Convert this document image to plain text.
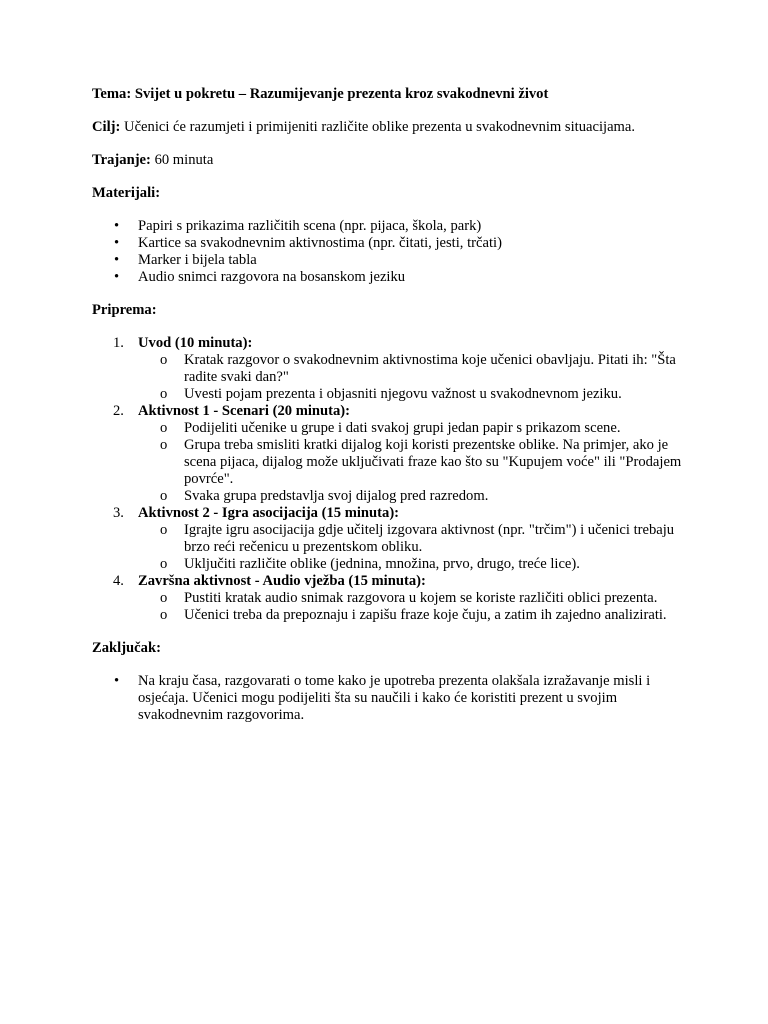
Tema: Svijet u pokretu – Razumijevanje prezenta kroz svakodnevni život

Cilj: Učenici će razumjeti i primijeniti različite oblike prezenta u svakodnevnim situacijama.

Trajanje: 60 minuta

Materijali:

• Papiri s prikazima različitih scena (npr. pijaca, škola, park)
• Kartice sa svakodnevnim aktivnostima (npr. čitati, jesti, trčati)
• Marker i bijela tabla
• Audio snimci razgovora na bosanskom jeziku

Priprema:

1. Uvod (10 minuta):
o Kratak razgovor o svakodnevnim aktivnostima koje učenici obavljaju. Pitati ih: "Šta radite svaki dan?"
o Uvesti pojam prezenta i objasniti njegovu važnost u svakodnevnom jeziku.
2. Aktivnost 1 - Scenari (20 minuta):
o Podijeliti učenike u grupe i dati svakoj grupi jedan papir s prikazom scene.
o Grupa treba smisliti kratki dijalog koji koristi prezentske oblike. Na primjer, ako je scena pijaca, dijalog može uključivati fraze kao što su "Kupujem voće" ili "Prodajem povrće".
o Svaka grupa predstavlja svoj dijalog pred razredom.
3. Aktivnost 2 - Igra asocijacija (15 minuta):
o Igrajte igru asocijacija gdje učitelj izgovara aktivnost (npr. "trčim") i učenici trebaju brzo reći rečenicu u prezentskom obliku.
o Uključiti različite oblike (jednina, množina, prvo, drugo, treće lice).
4. Završna aktivnost - Audio vježba (15 minuta):
o Pustiti kratak audio snimak razgovora u kojem se koriste različiti oblici prezenta.
o Učenici treba da prepoznaju i zapišu fraze koje čuju, a zatim ih zajedno analizirati.

Zaključak:

• Na kraju časa, razgovarati o tome kako je upotreba prezenta olakšala izražavanje misli i osjećaja. Učenici mogu podijeliti šta su naučili i kako će koristiti prezent u svojim svakodnevnim razgovorima.
